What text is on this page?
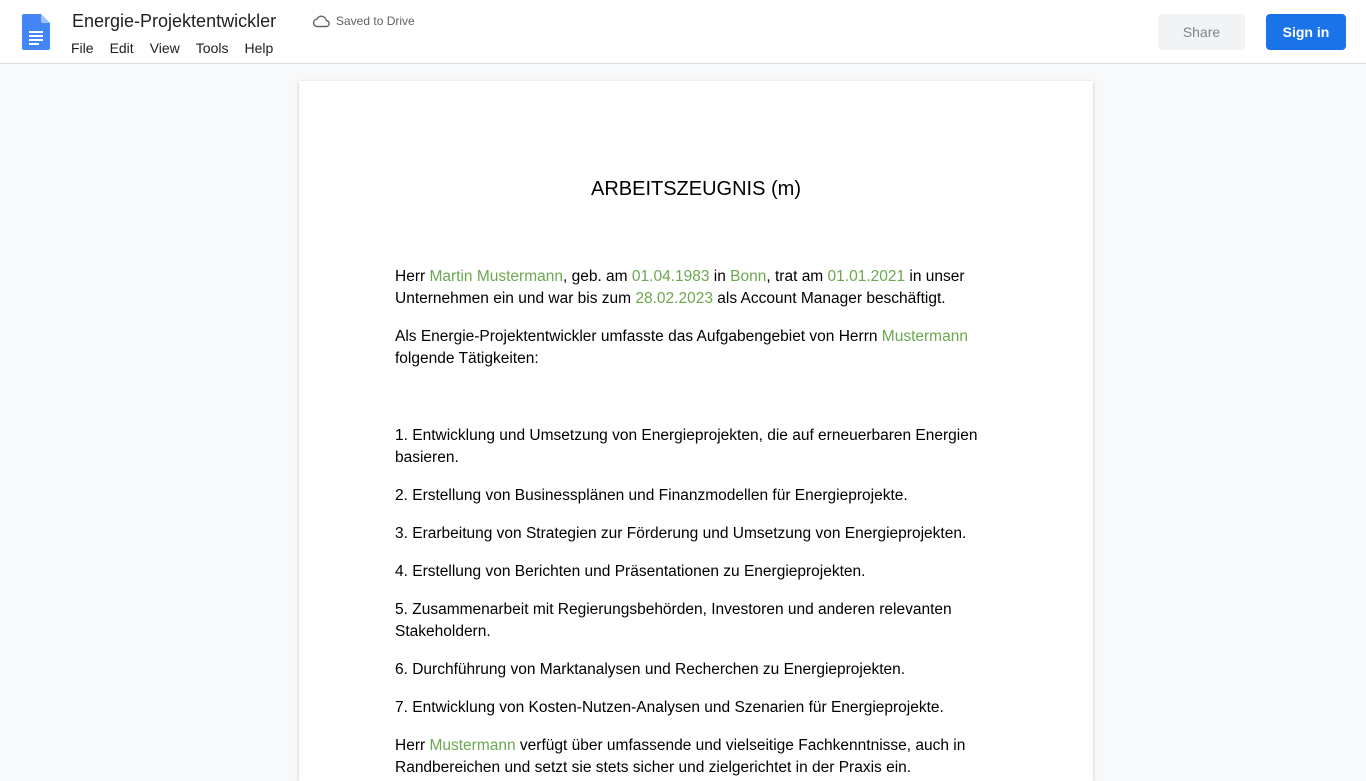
Energie-Projektentwickler	Saved to Drive
File	Edit	View	Tools	Help
Share	Sign in
ARBEITSZEUGNIS (m)

Herr Martin Mustermann, geb. am 01.04.1983 in Bonn, trat am 01.01.2021 in unser Unternehmen ein und war bis zum 28.02.2023 als Account Manager beschäftigt.

Als Energie-Projektentwickler umfasste das Aufgabengebiet von Herrn Mustermann folgende Tätigkeiten:

1. Entwicklung und Umsetzung von Energieprojekten, die auf erneuerbaren Energien basieren.

2. Erstellung von Businessplänen und Finanzmodellen für Energieprojekte.

3. Erarbeitung von Strategien zur Förderung und Umsetzung von Energieprojekten.

4. Erstellung von Berichten und Präsentationen zu Energieprojekten.

5. Zusammenarbeit mit Regierungsbehörden, Investoren und anderen relevanten Stakeholdern.

6. Durchführung von Marktanalysen und Recherchen zu Energieprojekten.

7. Entwicklung von Kosten-Nutzen-Analysen und Szenarien für Energieprojekte.

Herr Mustermann verfügt über umfassende und vielseitige Fachkenntnisse, auch in Randbereichen und setzt sie stets sicher und zielgerichtet in der Praxis ein.
